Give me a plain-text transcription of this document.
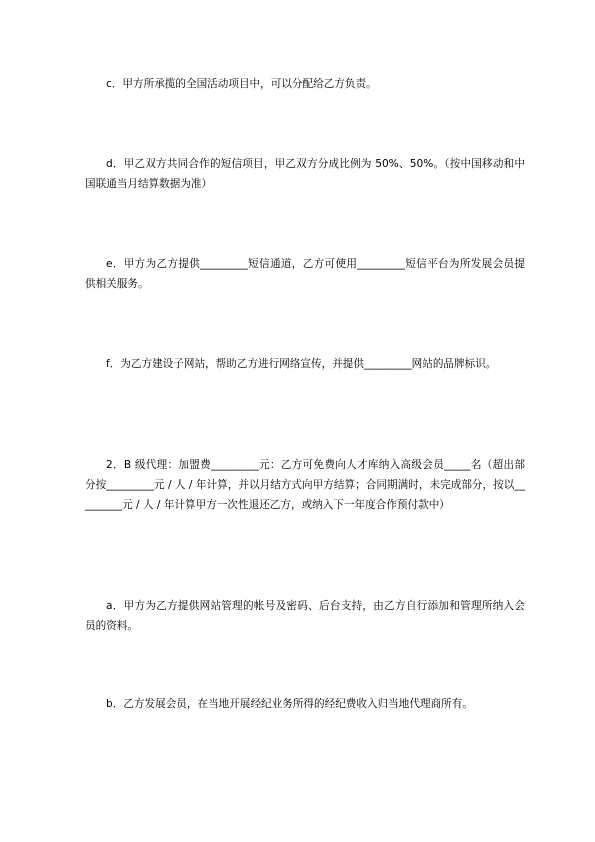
c．甲方所承揽的全国活动项目中，可以分配给乙方负责。

d．甲乙双方共同合作的短信项目，甲乙双方分成比例为 50%、50%。（按中国移动和中国联通当月结算数据为准）

e．甲方为乙方提供_________短信通道，乙方可使用_________短信平台为所发展会员提供相关服务。

f．为乙方建设子网站，帮助乙方进行网络宣传，并提供_________网站的品牌标识。

2．B 级代理：加盟费_________元：乙方可免费向人才库纳入高级会员_____名（超出部分按_________元 / 人 / 年计算，并以月结方式向甲方结算；合同期满时，未完成部分，按以_________元 / 人 / 年计算甲方一次性退还乙方，或纳入下一年度合作预付款中）

a．甲方为乙方提供网站管理的帐号及密码、后台支持，由乙方自行添加和管理所纳入会员的资料。

b．乙方发展会员，在当地开展经纪业务所得的经纪费收入归当地代理商所有。
